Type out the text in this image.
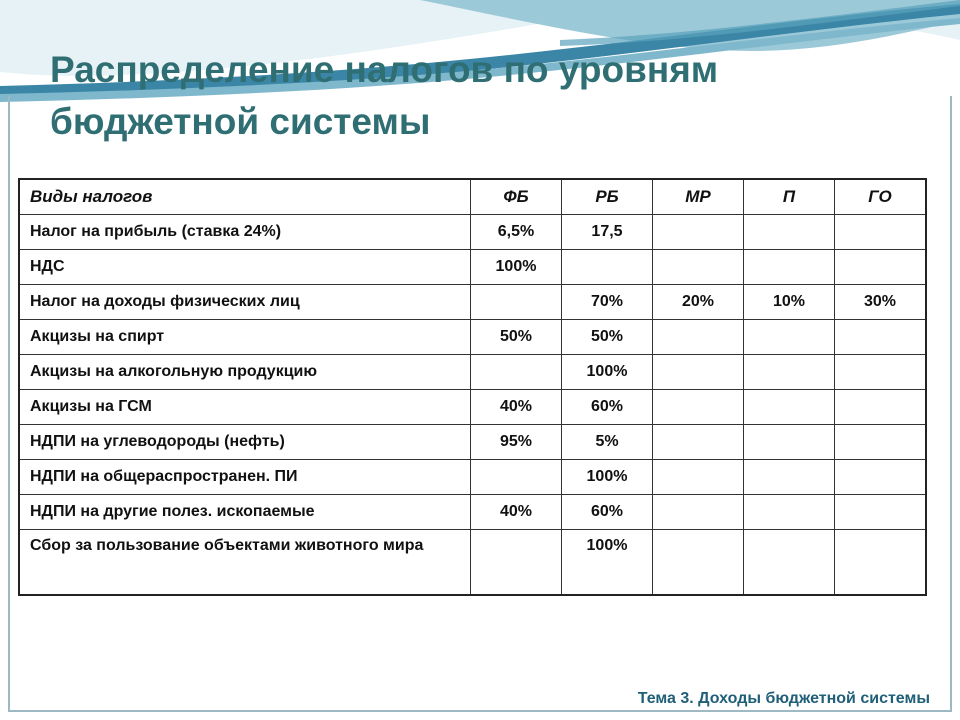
Распределение налогов по уровням бюджетной системы
Виды налогов	ФБ	РБ	МР	П	ГО
Налог на прибыль (ставка 24%)	6,5%	17,5			
НДС	100%				
Налог на доходы физических лиц		70%	20%	10%	30%
Акцизы на спирт	50%	50%			
Акцизы на алкогольную продукцию		100%			
Акцизы на ГСМ	40%	60%			
НДПИ на углеводороды (нефть)	95%	5%			
НДПИ на общераспространен. ПИ		100%			
НДПИ на другие полез. ископаемые	40%	60%			
Сбор за пользование объектами животного мира		100%			
Тема 3. Доходы бюджетной системы
